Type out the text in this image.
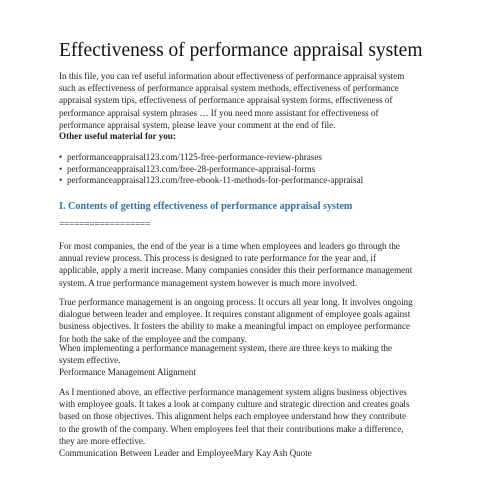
Effectiveness of performance appraisal system
In this file, you can ref useful information about effectiveness of performance appraisal system
such as effectiveness of performance appraisal system methods, effectiveness of performance
appraisal system tips, effectiveness of performance appraisal system forms, effectiveness of
performance appraisal system phrases … If you need more assistant for effectiveness of
performance appraisal system, please leave your comment at the end of file.
Other useful material for you:
• performanceappraisal123.com/1125-free-performance-review-phrases
• performanceappraisal123.com/free-28-performance-appraisal-forms
• performanceappraisal123.com/free-ebook-11-methods-for-performance-appraisal
I. Contents of getting effectiveness of performance appraisal system
==================
For most companies, the end of the year is a time when employees and leaders go through the
annual review process. This process is designed to rate performance for the year and, if
applicable, apply a merit increase. Many companies consider this their performance management
system. A true performance management system however is much more involved.
True performance management is an ongoing process. It occurs all year long. It involves ongoing
dialogue between leader and employee. It requires constant alignment of employee goals against
business objectives. It fosters the ability to make a meaningful impact on employee performance
for both the sake of the employee and the company.
When implementing a performance management system, there are three keys to making the
system effective.
Performance Management Alignment
As I mentioned above, an effective performance management system aligns business objectives
with employee goals. It takes a look at company culture and strategic direction and creates goals
based on those objectives. This alignment helps each employee understand how they contribute
to the growth of the company. When employees feel that their contributions make a difference,
they are more effective.
Communication Between Leader and EmployeeMary Kay Ash Quote
